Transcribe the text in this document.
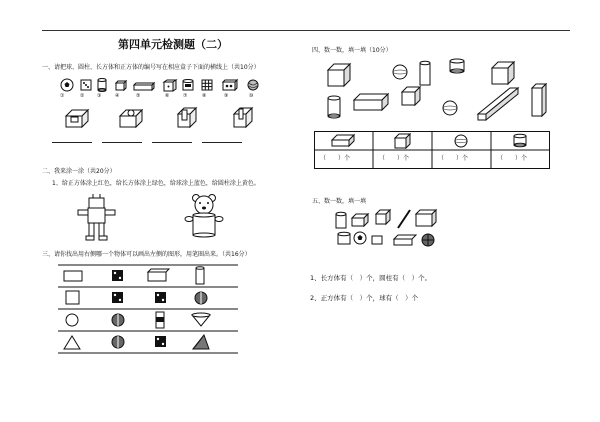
第四单元检测题（二）
一、请把球、圆柱、长方体和正方体的编号写在相应盒子下面的横线上（共10分）
①	②	③	④	⑤	⑥	⑦	⑧	⑨	⑩
二、我来涂一涂（共20分）
1、给正方体涂上红色，给长方体涂上绿色，给球涂上蓝色，给圆柱涂上黄色。
三、请你找出用右侧哪一个物体可以画出左侧的图形，用笔圈出来。（共16分）
四、数一数，填一填（10分）
（　　）个	（　　）个	（　　）个	（　　）个
五、数一数，填一填
1、长方体有（　）个，圆柱有（　）个。
2、正方体有（　）个，球有（　）个
